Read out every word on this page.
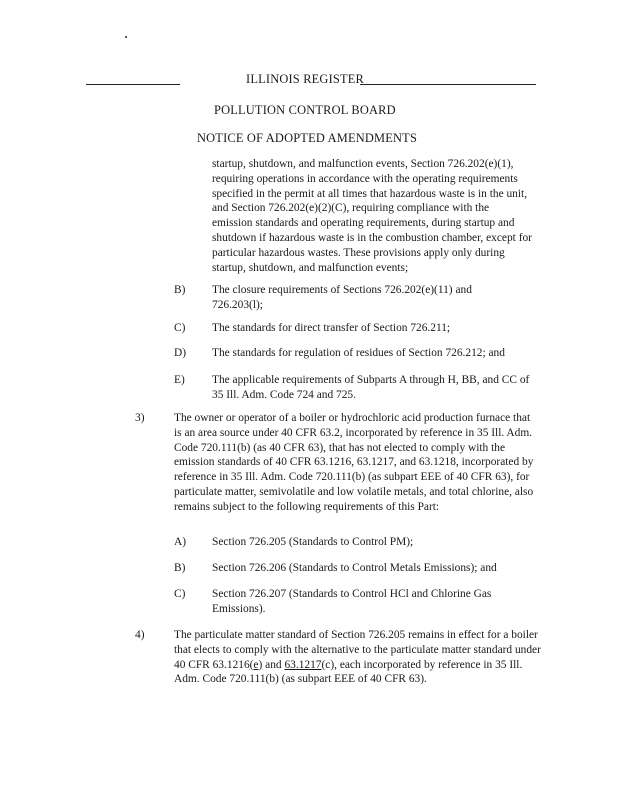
ILLINOIS REGISTER
POLLUTION CONTROL BOARD
NOTICE OF ADOPTED AMENDMENTS
startup, shutdown, and malfunction events, Section 726.202(e)(1), requiring operations in accordance with the operating requirements specified in the permit at all times that hazardous waste is in the unit, and Section 726.202(e)(2)(C), requiring compliance with the emission standards and operating requirements, during startup and shutdown if hazardous waste is in the combustion chamber, except for particular hazardous wastes. These provisions apply only during startup, shutdown, and malfunction events;
B) The closure requirements of Sections 726.202(e)(11) and 726.203(l);
C) The standards for direct transfer of Section 726.211;
D) The standards for regulation of residues of Section 726.212; and
E) The applicable requirements of Subparts A through H, BB, and CC of 35 Ill. Adm. Code 724 and 725.
3)	The owner or operator of a boiler or hydrochloric acid production furnace that is an area source under 40 CFR 63.2, incorporated by reference in 35 Ill. Adm. Code 720.111(b) (as 40 CFR 63), that has not elected to comply with the emission standards of 40 CFR 63.1216, 63.1217, and 63.1218, incorporated by reference in 35 Ill. Adm. Code 720.111(b) (as subpart EEE of 40 CFR 63), for particulate matter, semivolatile and low volatile metals, and total chlorine, also remains subject to the following requirements of this Part:
A) Section 726.205 (Standards to Control PM);
B) Section 726.206 (Standards to Control Metals Emissions); and
C) Section 726.207 (Standards to Control HCl and Chlorine Gas Emissions).
4)	The particulate matter standard of Section 726.205 remains in effect for a boiler that elects to comply with the alternative to the particulate matter standard under 40 CFR 63.1216(e) and 63.1217(c), each incorporated by reference in 35 Ill. Adm. Code 720.111(b) (as subpart EEE of 40 CFR 63).
